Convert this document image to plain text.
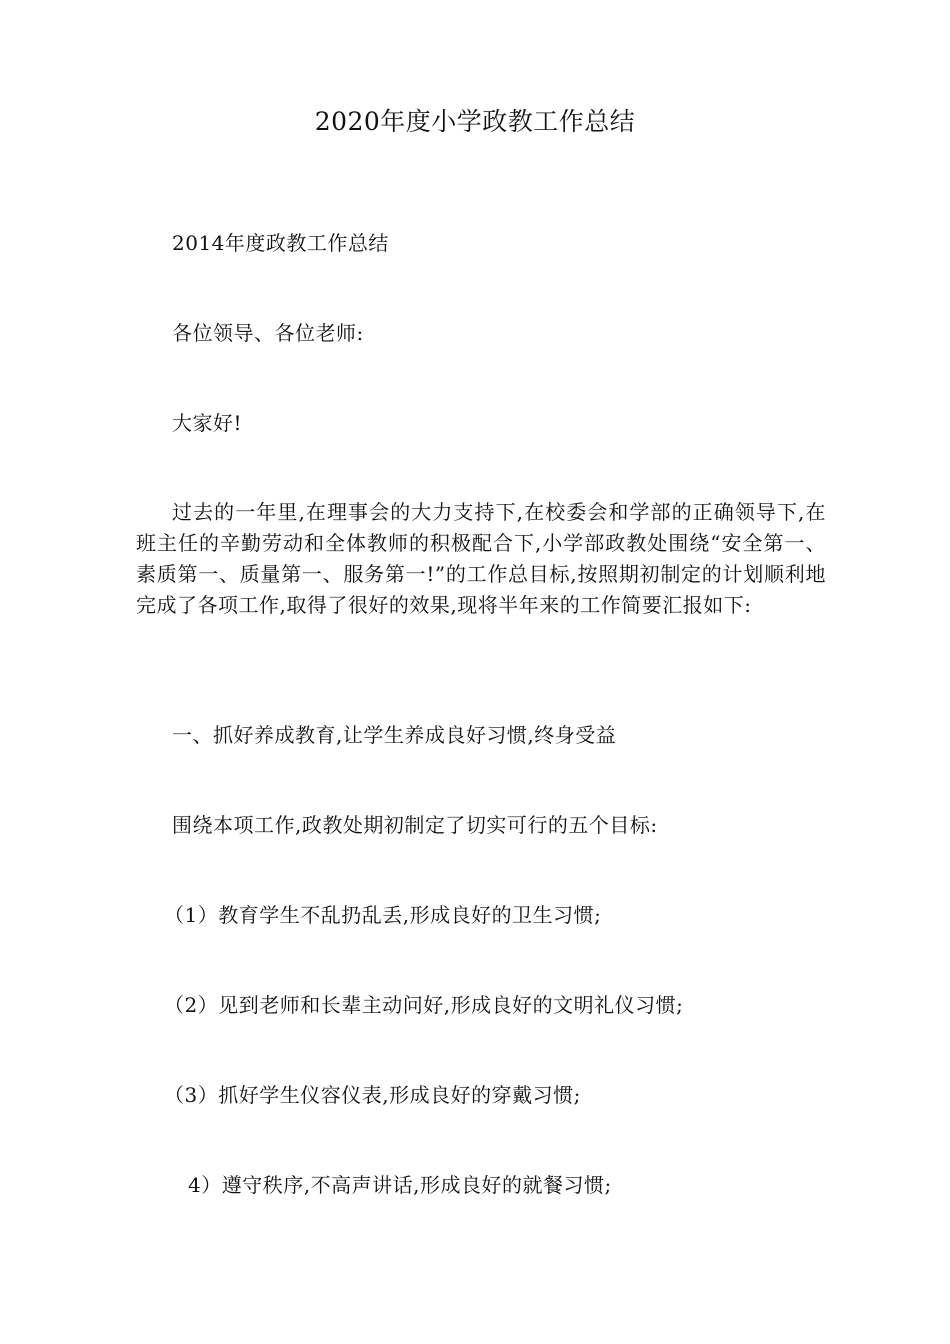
2020年度小学政教工作总结

2014年度政教工作总结

各位领导、各位老师:

大家好!

过去的一年里,在理事会的大力支持下,在校委会和学部的正确领导下,在班主任的辛勤劳动和全体教师的积极配合下,小学部政教处围绕“安全第一、素质第一、质量第一、服务第一!”的工作总目标,按照期初制定的计划顺利地完成了各项工作,取得了很好的效果,现将半年来的工作简要汇报如下:

一、抓好养成教育,让学生养成良好习惯,终身受益

围绕本项工作,政教处期初制定了切实可行的五个目标:

（1）教育学生不乱扔乱丢,形成良好的卫生习惯;

（2）见到老师和长辈主动问好,形成良好的文明礼仪习惯;

（3）抓好学生仪容仪表,形成良好的穿戴习惯;

4）遵守秩序,不高声讲话,形成良好的就餐习惯;
